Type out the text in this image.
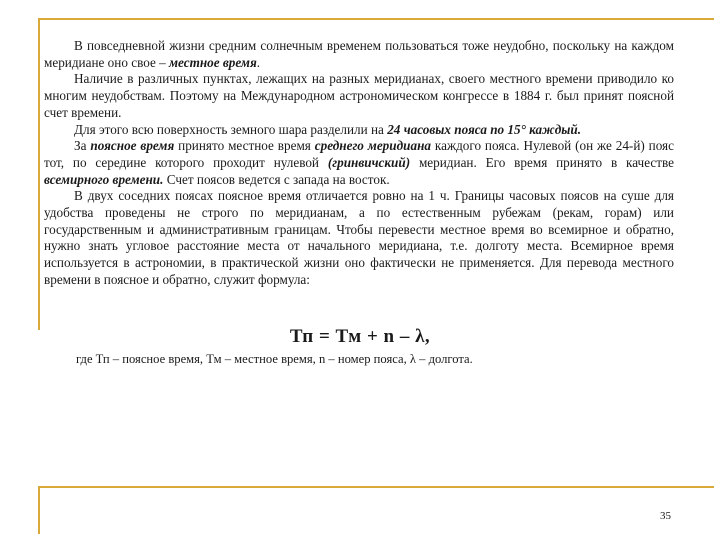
В повседневной жизни средним солнечным временем пользоваться тоже неудобно, поскольку на каждом меридиане оно свое – местное время.

Наличие в различных пунктах, лежащих на разных меридианах, своего местного времени приводило ко многим неудобствам. Поэтому на Международном астрономическом конгрессе в 1884 г. был принят поясной счет времени.

Для этого всю поверхность земного шара разделили на 24 часовых пояса по 15° каждый.

За поясное время принято местное время среднего меридиана каждого пояса. Нулевой (он же 24-й) пояс тот, по середине которого проходит нулевой (гринвичский) меридиан. Его время принято в качестве всемирного времени. Счет поясов ведется с запада на восток.

В двух соседних поясах поясное время отличается ровно на 1 ч. Границы часовых поясов на суше для удобства проведены не строго по меридианам, а по естественным рубежам (рекам, горам) или государственным и административным границам. Чтобы перевести местное время во всемирное и обратно, нужно знать угловое расстояние места от начального меридиана, т.е. долготу места. Всемирное время используется в астрономии, в практической жизни оно фактически не применяется. Для перевода местного времени в поясное и обратно, служит формула:

Тп = Тм + n – λ,
где Тп – поясное время, Тм – местное время, n – номер пояса, λ – долгота.
35
